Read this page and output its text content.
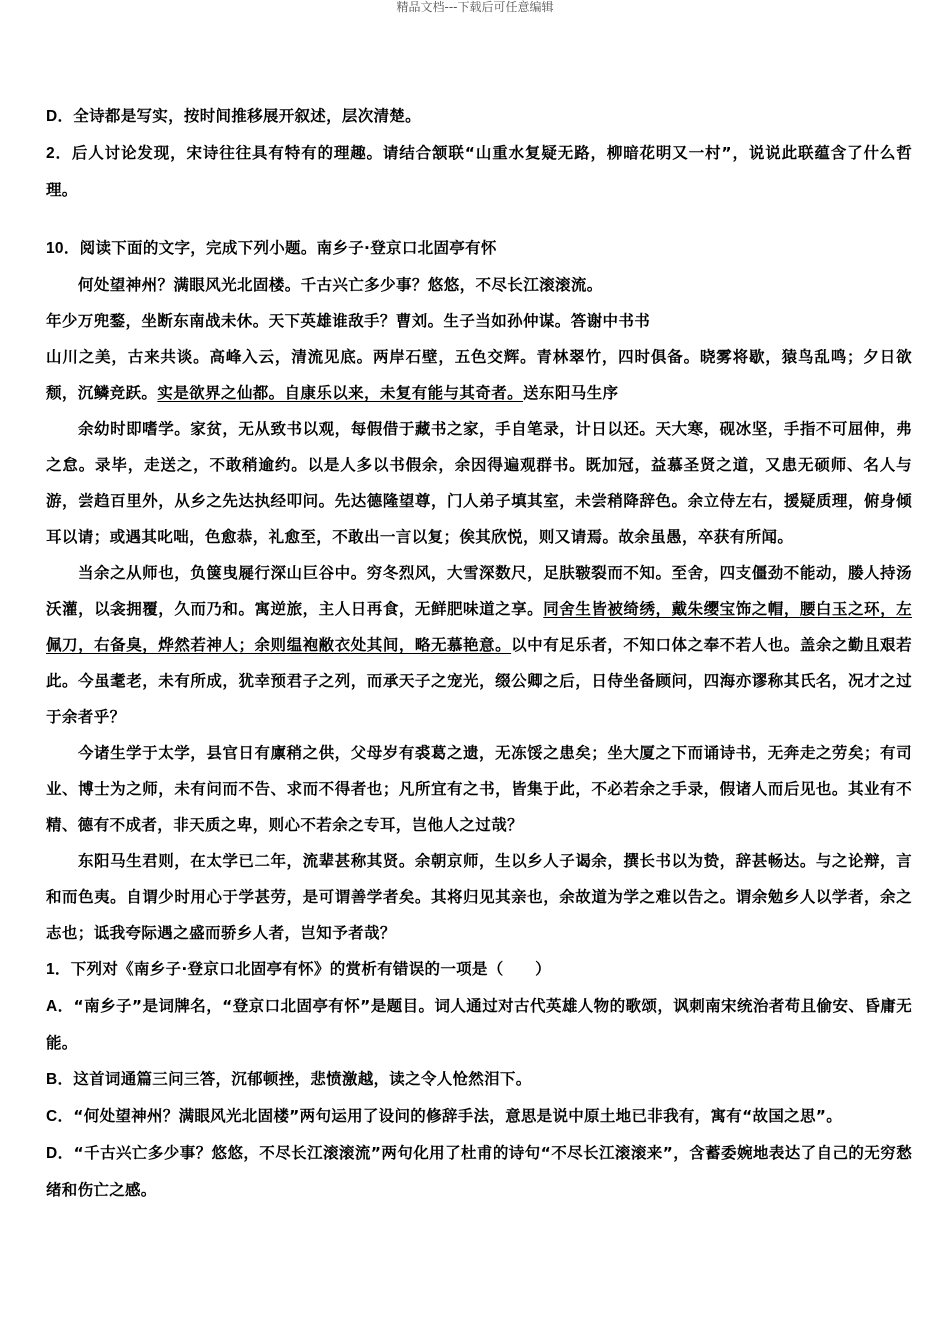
精品文档---下载后可任意编辑

D．全诗都是写实，按时间推移展开叙述，层次清楚。

2．后人讨论发现，宋诗往往具有特有的理趣。请结合颔联“山重水复疑无路，柳暗花明又一村”，说说此联蕴含了什么哲理。

10．阅读下面的文字，完成下列小题。南乡子·登京口北固亭有怀

何处望神州？满眼风光北固楼。千古兴亡多少事？悠悠，不尽长江滚滚流。

年少万兜鍪，坐断东南战未休。天下英雄谁敌手？曹刘。生子当如孙仲谋。答谢中书书

山川之美，古来共谈。高峰入云，清流见底。两岸石壁，五色交辉。青林翠竹，四时俱备。晓雾将歇，猿鸟乱鸣；夕日欲颓，沉鳞竞跃。实是欲界之仙都。自康乐以来，未复有能与其奇者。送东阳马生序

余幼时即嗜学。家贫，无从致书以观，每假借于藏书之家，手自笔录，计日以还。天大寒，砚冰坚，手指不可屈伸，弗之怠。录毕，走送之，不敢稍逾约。以是人多以书假余，余因得遍观群书。既加冠，益慕圣贤之道，又患无硕师、名人与游，尝趋百里外，从乡之先达执经叩问。先达德隆望尊，门人弟子填其室，未尝稍降辞色。余立侍左右，援疑质理，俯身倾耳以请；或遇其叱咄，色愈恭，礼愈至，不敢出一言以复；俟其欣悦，则又请焉。故余虽愚，卒获有所闻。

当余之从师也，负箧曳屣行深山巨谷中。穷冬烈风，大雪深数尺，足肤皲裂而不知。至舍，四支僵劲不能动，媵人持汤沃灌，以衾拥覆，久而乃和。寓逆旅，主人日再食，无鲜肥味道之享。同舍生皆被绮绣，戴朱缨宝饰之帽，腰白玉之环，左佩刀，右备臭，烨然若神人；余则缊袍敝衣处其间，略无慕艳意。以中有足乐者，不知口体之奉不若人也。盖余之勤且艰若此。今虽耄老，未有所成，犹幸预君子之列，而承天子之宠光，缀公卿之后，日侍坐备顾问，四海亦谬称其氏名，况才之过于余者乎？

今诸生学于太学，县官日有廪稍之供，父母岁有裘葛之遗，无冻馁之患矣；坐大厦之下而诵诗书，无奔走之劳矣；有司业、博士为之师，未有问而不告、求而不得者也；凡所宜有之书，皆集于此，不必若余之手录，假诸人而后见也。其业有不精、德有不成者，非天质之卑，则心不若余之专耳，岂他人之过哉？

东阳马生君则，在太学已二年，流辈甚称其贤。余朝京师，生以乡人子谒余，撰长书以为贽，辞甚畅达。与之论辩，言和而色夷。自谓少时用心于学甚劳，是可谓善学者矣。其将归见其亲也，余故道为学之难以告之。谓余勉乡人以学者，余之志也；诋我夸际遇之盛而骄乡人者，岂知予者哉？

1．下列对《南乡子·登京口北固亭有怀》的赏析有错误的一项是（　　）

A．“南乡子”是词牌名，“登京口北固亭有怀”是题目。词人通过对古代英雄人物的歌颂，讽刺南宋统治者苟且偷安、昏庸无能。

B．这首词通篇三问三答，沉郁顿挫，悲愤激越，读之令人怆然泪下。

C．“何处望神州？满眼风光北固楼”两句运用了设问的修辞手法，意思是说中原土地已非我有，寓有“故国之思”。

D．“千古兴亡多少事？悠悠，不尽长江滚滚流”两句化用了杜甫的诗句“不尽长江滚滚来”，含蓄委婉地表达了自己的无穷愁绪和伤亡之感。
